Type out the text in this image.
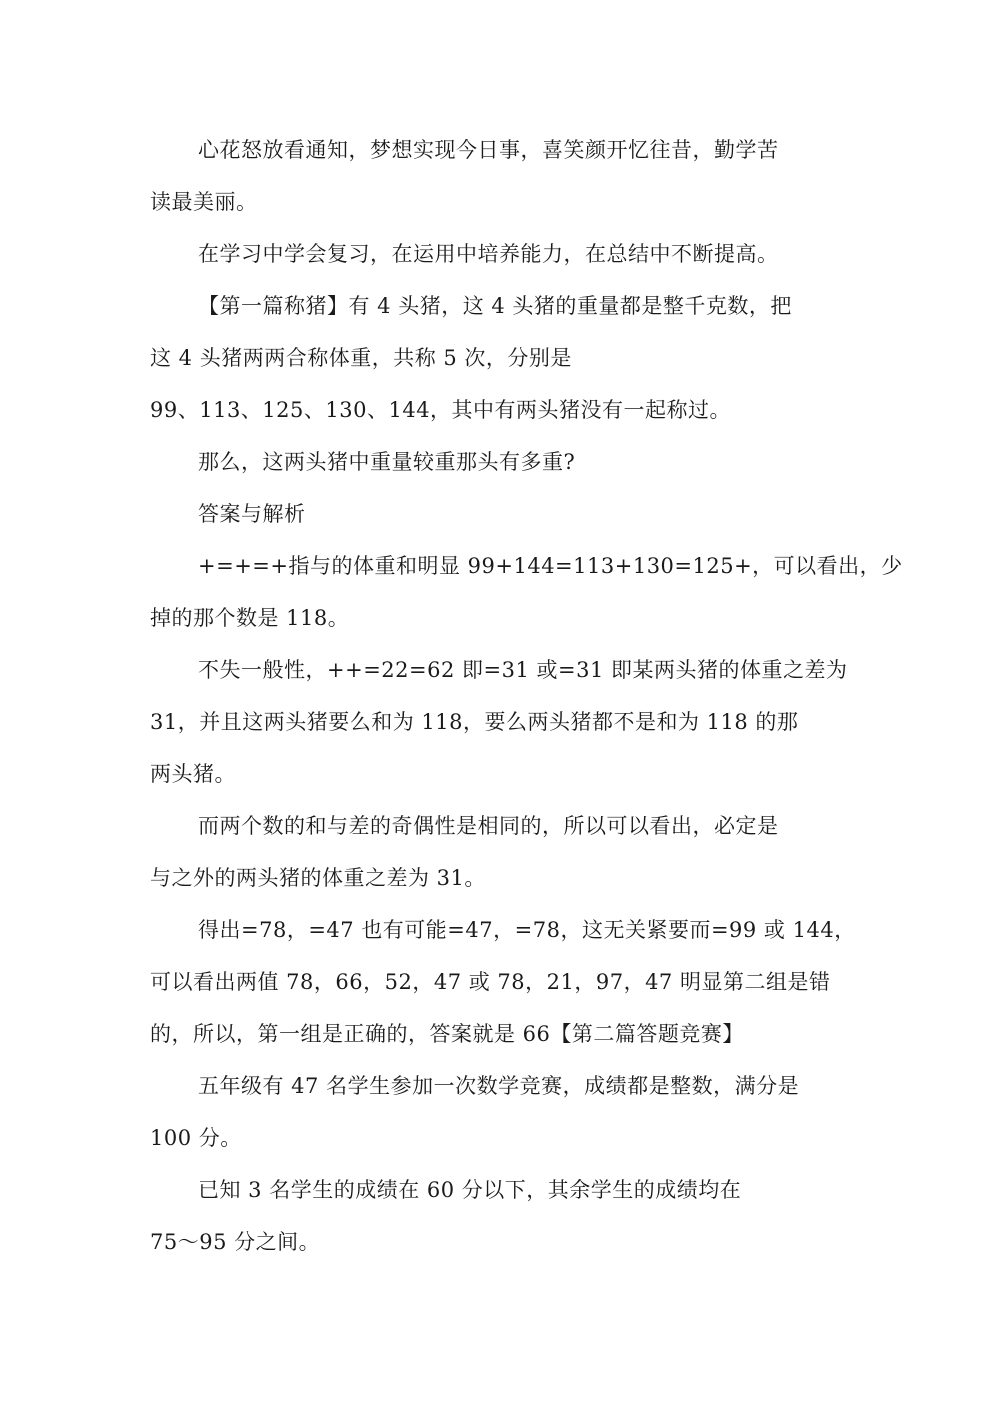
心花怒放看通知，梦想实现今日事，喜笑颜开忆往昔，勤学苦
读最美丽。
在学习中学会复习，在运用中培养能力，在总结中不断提高。
【第一篇称猪】有 4 头猪，这 4 头猪的重量都是整千克数，把
这 4 头猪两两合称体重，共称 5 次，分别是
99、113、125、130、144，其中有两头猪没有一起称过。
那么，这两头猪中重量较重那头有多重?
答案与解析
+=+=+指与的体重和明显 99+144=113+130=125+，可以看出，少
掉的那个数是 118。
不失一般性，++=22=62 即=31 或=31 即某两头猪的体重之差为
31，并且这两头猪要么和为 118，要么两头猪都不是和为 118 的那
两头猪。
而两个数的和与差的奇偶性是相同的，所以可以看出，必定是
与之外的两头猪的体重之差为 31。
得出=78，=47 也有可能=47，=78，这无关紧要而=99 或 144，
可以看出两值 78，66，52，47 或 78，21，97，47 明显第二组是错
的，所以，第一组是正确的，答案就是 66【第二篇答题竞赛】
五年级有 47 名学生参加一次数学竞赛，成绩都是整数，满分是
100 分。
已知 3 名学生的成绩在 60 分以下，其余学生的成绩均在
75～95 分之间。
